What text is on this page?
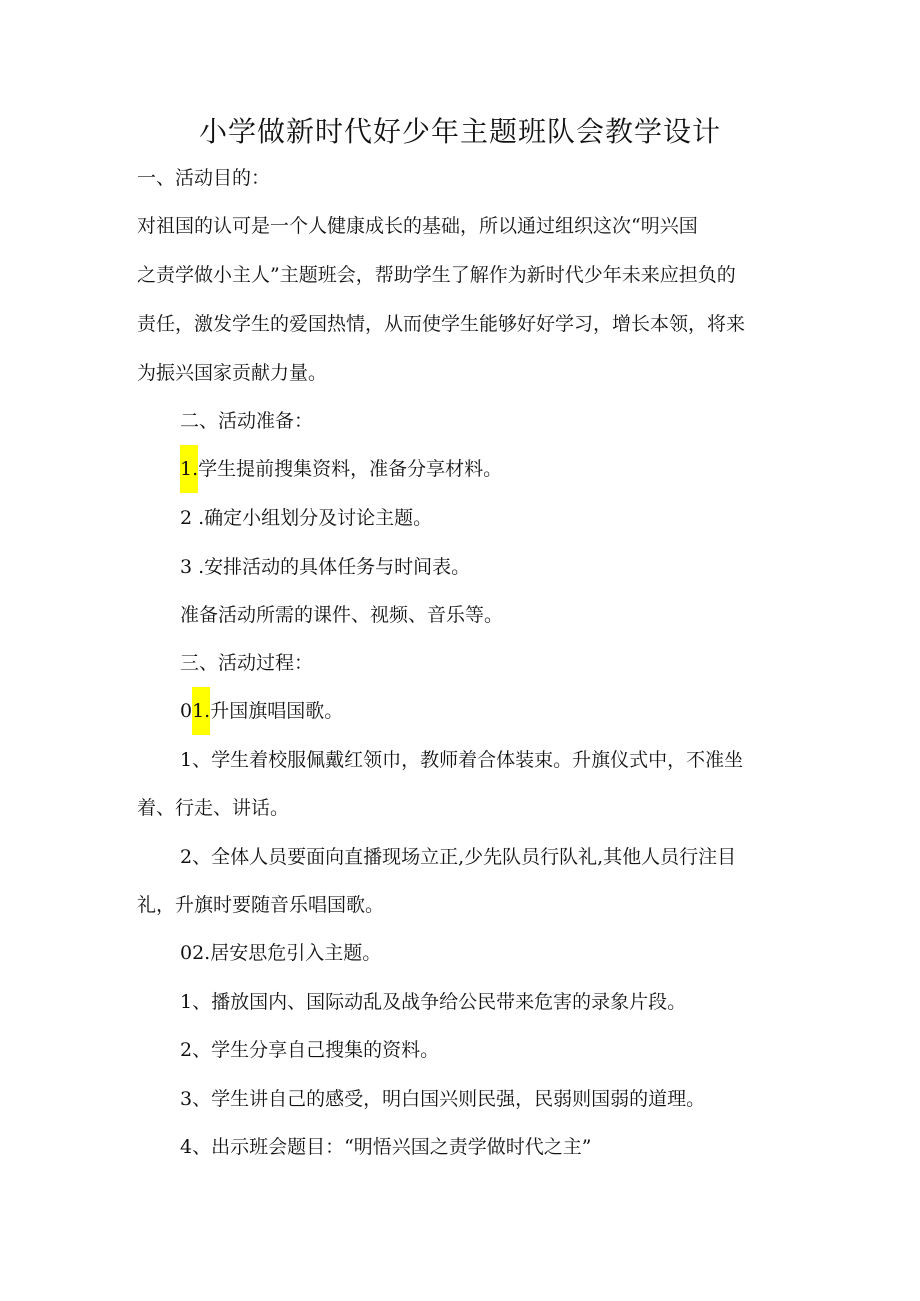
小学做新时代好少年主题班队会教学设计

一、活动目的：

对祖国的认可是一个人健康成长的基础，所以通过组织这次“明兴国

之责学做小主人”主题班会，帮助学生了解作为新时代少年未来应担负的

责任，激发学生的爱国热情，从而使学生能够好好学习，增长本领，将来

为振兴国家贡献力量。

二、活动准备：

1.学生提前搜集资料，准备分享材料。

2 .确定小组划分及讨论主题。

3 .安排活动的具体任务与时间表。

准备活动所需的课件、视频、音乐等。

三、活动过程：

01.升国旗唱国歌。

1、学生着校服佩戴红领巾，教师着合体装束。升旗仪式中，不准坐

着、行走、讲话。

2、全体人员要面向直播现场立正,少先队员行队礼,其他人员行注目

礼，升旗时要随音乐唱国歌。

02.居安思危引入主题。

1、播放国内、国际动乱及战争给公民带来危害的录象片段。

2、学生分享自己搜集的资料。

3、学生讲自己的感受，明白国兴则民强，民弱则国弱的道理。

4、出示班会题目：“明悟兴国之责学做时代之主”
